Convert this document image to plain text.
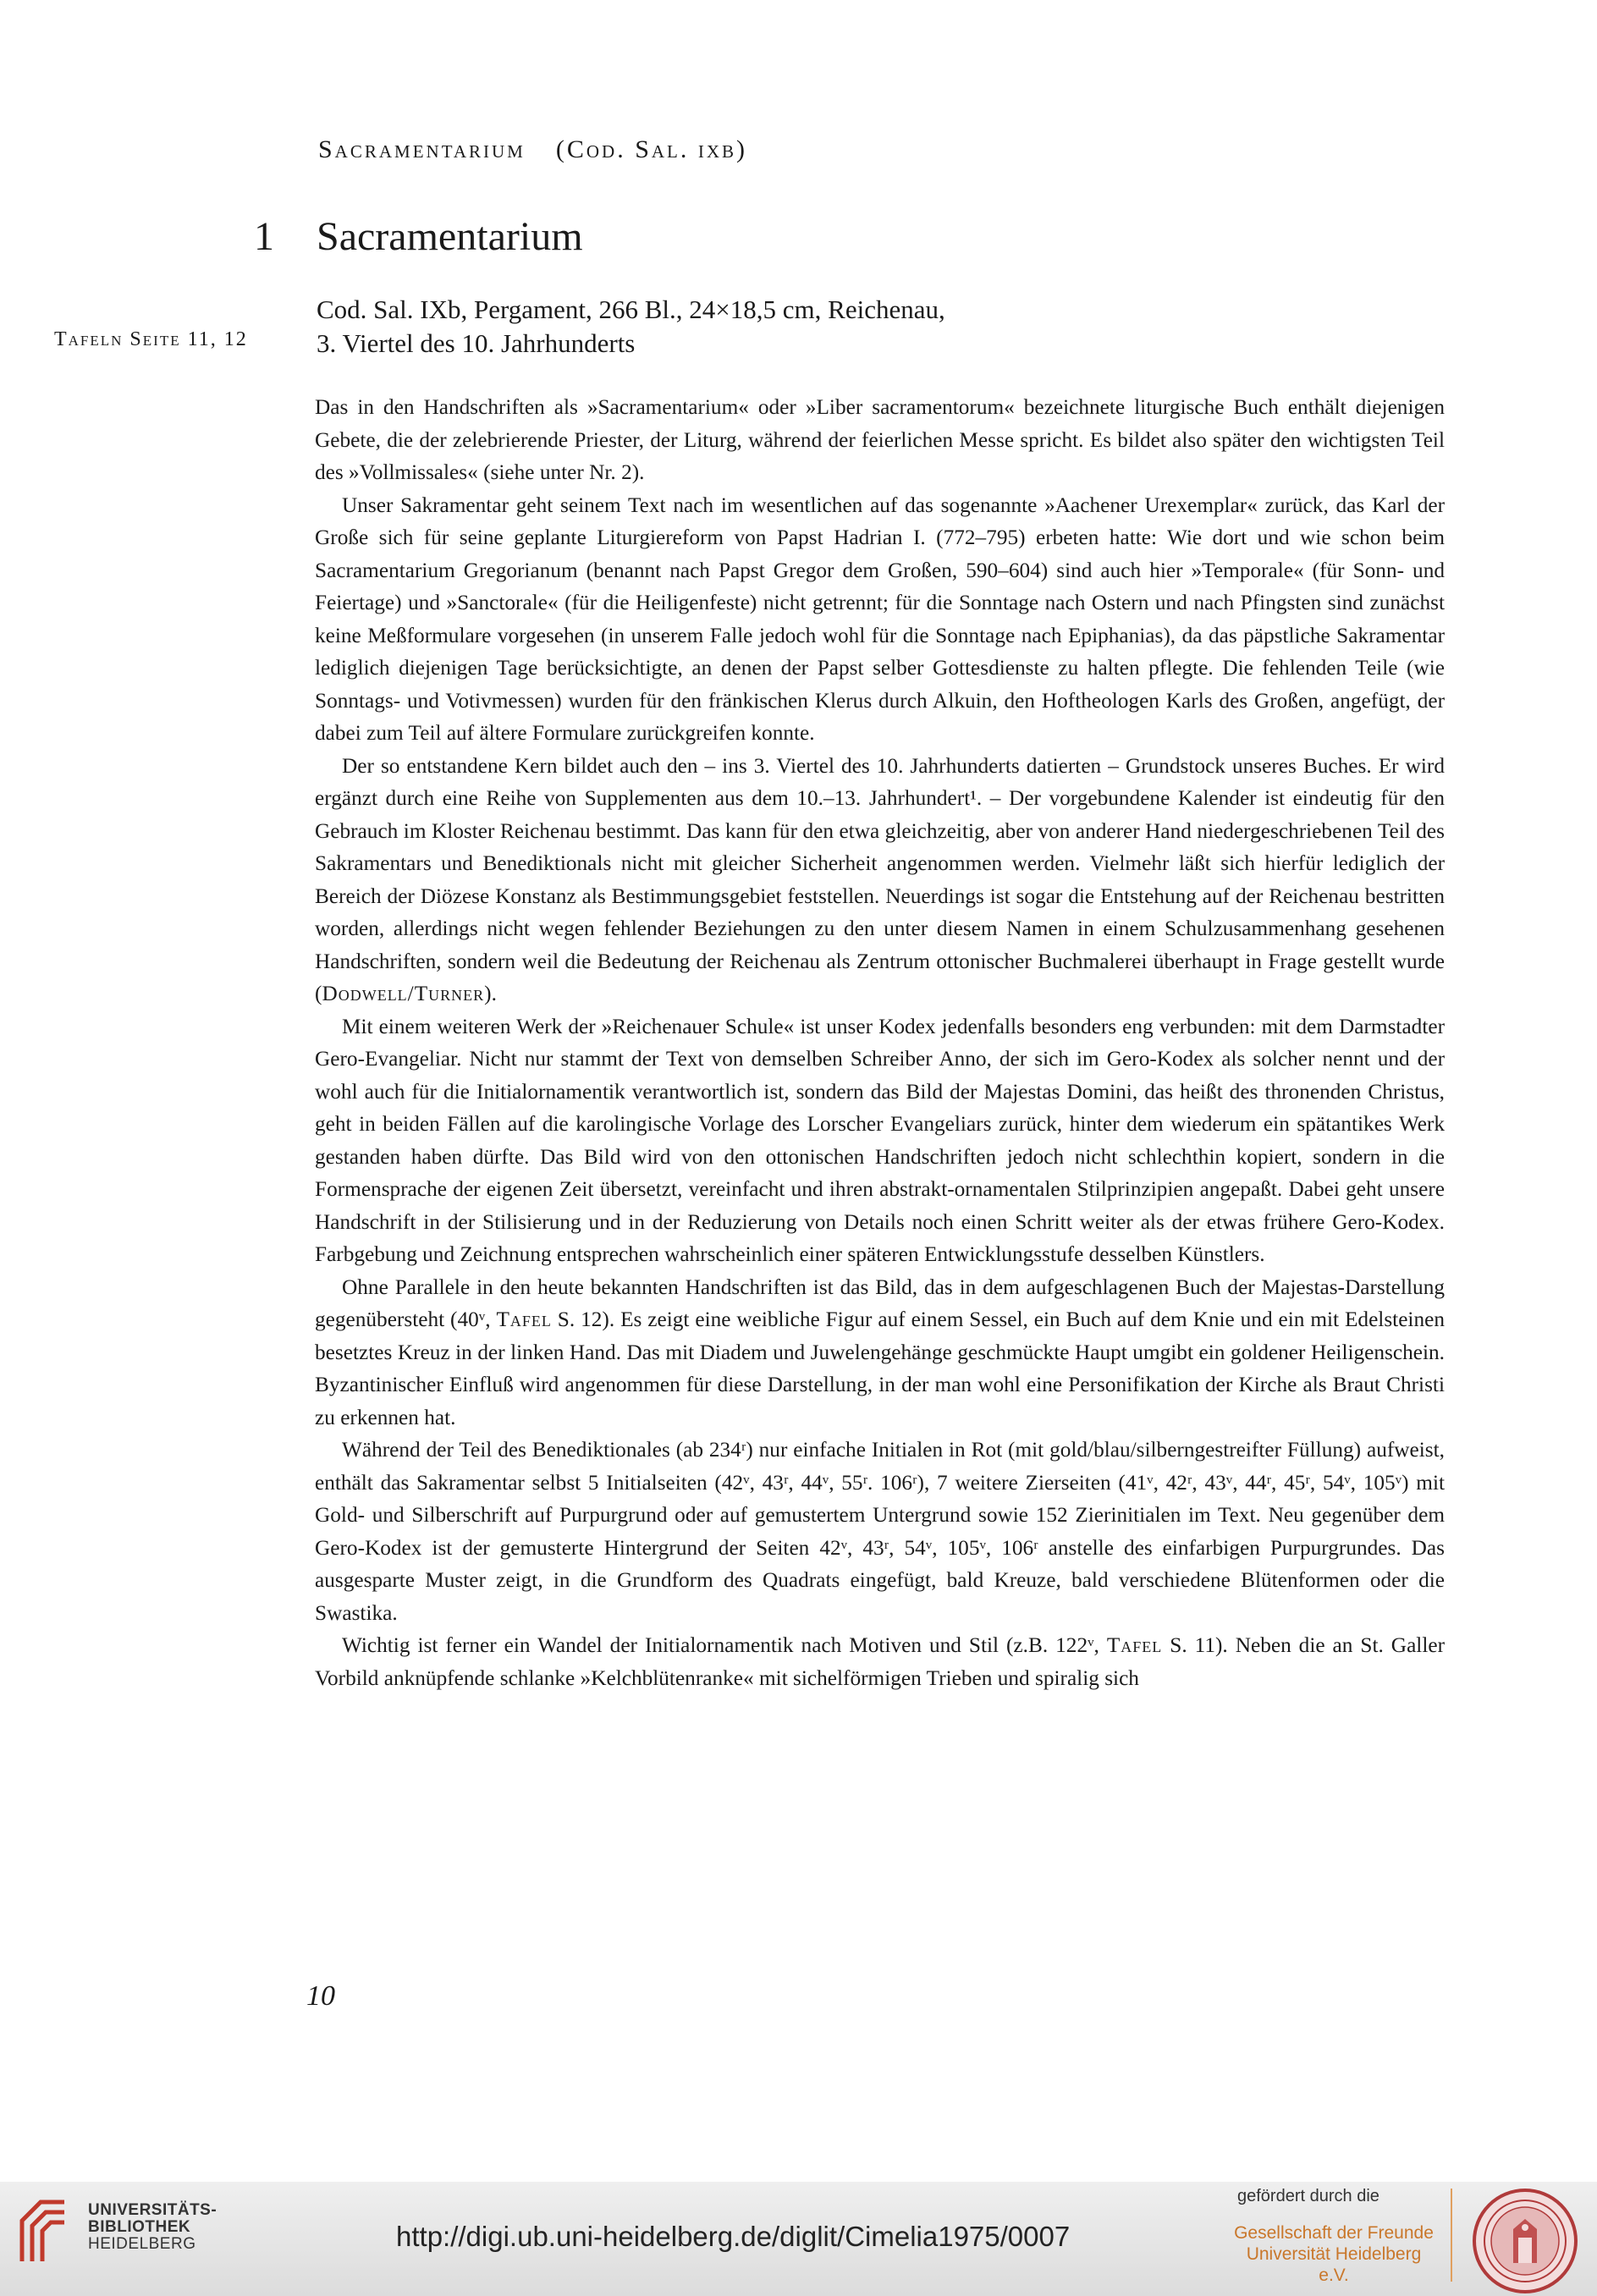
Sacramentarium (Cod. Sal. ixb)
1 Sacramentarium
Cod. Sal. IXb, Pergament, 266 Bl., 24×18,5 cm, Reichenau,
3. Viertel des 10. Jahrhunderts
Tafeln Seite 11, 12

Das in den Handschriften als »Sacramentarium« oder »Liber sacramentorum« bezeichnete liturgische Buch enthält diejenigen Gebete, die der zelebrierende Priester, der Liturg, während der feierlichen Messe spricht. Es bildet also später den wichtigsten Teil des »Vollmissales« (siehe unter Nr. 2).

Unser Sakramentar geht seinem Text nach im wesentlichen auf das sogenannte »Aachener Urexemplar« zurück, das Karl der Große sich für seine geplante Liturgiereform von Papst Hadrian I. (772–795) erbeten hatte: Wie dort und wie schon beim Sacramentarium Gregorianum (benannt nach Papst Gregor dem Großen, 590–604) sind auch hier »Temporale« (für Sonn- und Feiertage) und »Sanctorale« (für die Heiligenfeste) nicht getrennt; für die Sonntage nach Ostern und nach Pfingsten sind zunächst keine Meßformulare vorgesehen (in unserem Falle jedoch wohl für die Sonntage nach Epiphanias), da das päpstliche Sakramentar lediglich diejenigen Tage berücksichtigte, an denen der Papst selber Gottesdienste zu halten pflegte. Die fehlenden Teile (wie Sonntags- und Votivmessen) wurden für den fränkischen Klerus durch Alkuin, den Hoftheologen Karls des Großen, angefügt, der dabei zum Teil auf ältere Formulare zurückgreifen konnte.

Der so entstandene Kern bildet auch den – ins 3. Viertel des 10. Jahrhunderts datierten – Grundstock unseres Buches. Er wird ergänzt durch eine Reihe von Supplementen aus dem 10.–13. Jahrhundert¹. – Der vorgebundene Kalender ist eindeutig für den Gebrauch im Kloster Reichenau bestimmt. Das kann für den etwa gleichzeitig, aber von anderer Hand niedergeschriebenen Teil des Sakramentars und Benediktionals nicht mit gleicher Sicherheit angenommen werden. Vielmehr läßt sich hierfür lediglich der Bereich der Diözese Konstanz als Bestimmungsgebiet feststellen. Neuerdings ist sogar die Entstehung auf der Reichenau bestritten worden, allerdings nicht wegen fehlender Beziehungen zu den unter diesem Namen in einem Schulzusammenhang gesehenen Handschriften, sondern weil die Bedeutung der Reichenau als Zentrum ottonischer Buchmalerei überhaupt in Frage gestellt wurde (Dodwell/Turner).

Mit einem weiteren Werk der »Reichenauer Schule« ist unser Kodex jedenfalls besonders eng verbunden: mit dem Darmstadter Gero-Evangeliar. Nicht nur stammt der Text von demselben Schreiber Anno, der sich im Gero-Kodex als solcher nennt und der wohl auch für die Initialornamentik verantwortlich ist, sondern das Bild der Majestas Domini, das heißt des thronenden Christus, geht in beiden Fällen auf die karolingische Vorlage des Lorscher Evangeliars zurück, hinter dem wiederum ein spätantikes Werk gestanden haben dürfte. Das Bild wird von den ottonischen Handschriften jedoch nicht schlechthin kopiert, sondern in die Formensprache der eigenen Zeit übersetzt, vereinfacht und ihren abstrakt-ornamentalen Stilprinzipien angepaßt. Dabei geht unsere Handschrift in der Stilisierung und in der Reduzierung von Details noch einen Schritt weiter als der etwas frühere Gero-Kodex. Farbgebung und Zeichnung entsprechen wahrscheinlich einer späteren Entwicklungsstufe desselben Künstlers.

Ohne Parallele in den heute bekannten Handschriften ist das Bild, das in dem aufgeschlagenen Buch der Majestas-Darstellung gegenübersteht (40ᵛ, Tafel S. 12). Es zeigt eine weibliche Figur auf einem Sessel, ein Buch auf dem Knie und ein mit Edelsteinen besetztes Kreuz in der linken Hand. Das mit Diadem und Juwelengehänge geschmückte Haupt umgibt ein goldener Heiligenschein. Byzantinischer Einfluß wird angenommen für diese Darstellung, in der man wohl eine Personifikation der Kirche als Braut Christi zu erkennen hat.

Während der Teil des Benediktionales (ab 234ʳ) nur einfache Initialen in Rot (mit gold/blau/silberngestreifter Füllung) aufweist, enthält das Sakramentar selbst 5 Initialseiten (42ᵛ, 43ʳ, 44ᵛ, 55ʳ. 106ʳ), 7 weitere Zierseiten (41ᵛ, 42ʳ, 43ᵛ, 44ʳ, 45ʳ, 54ᵛ, 105ᵛ) mit Gold- und Silberschrift auf Purpurgrund oder auf gemustertem Untergrund sowie 152 Zierinitialen im Text. Neu gegenüber dem Gero-Kodex ist der gemusterte Hintergrund der Seiten 42ᵛ, 43ʳ, 54ᵛ, 105ᵛ, 106ʳ anstelle des einfarbigen Purpurgrundes. Das ausgesparte Muster zeigt, in die Grundform des Quadrats eingefügt, bald Kreuze, bald verschiedene Blütenformen oder die Swastika.

Wichtig ist ferner ein Wandel der Initialornamentik nach Motiven und Stil (z.B. 122ᵛ, Tafel S. 11). Neben die an St. Galler Vorbild anknüpfende schlanke »Kelchblütenranke« mit sichelförmigen Trieben und spiralig sich

10
UNIVERSITÄTS-
BIBLIOTHEK
HEIDELBERG	http://digi.ub.uni-heidelberg.de/diglit/Cimelia1975/0007
gefördert durch die
Gesellschaft der Freunde
Universität Heidelberg e.V.
